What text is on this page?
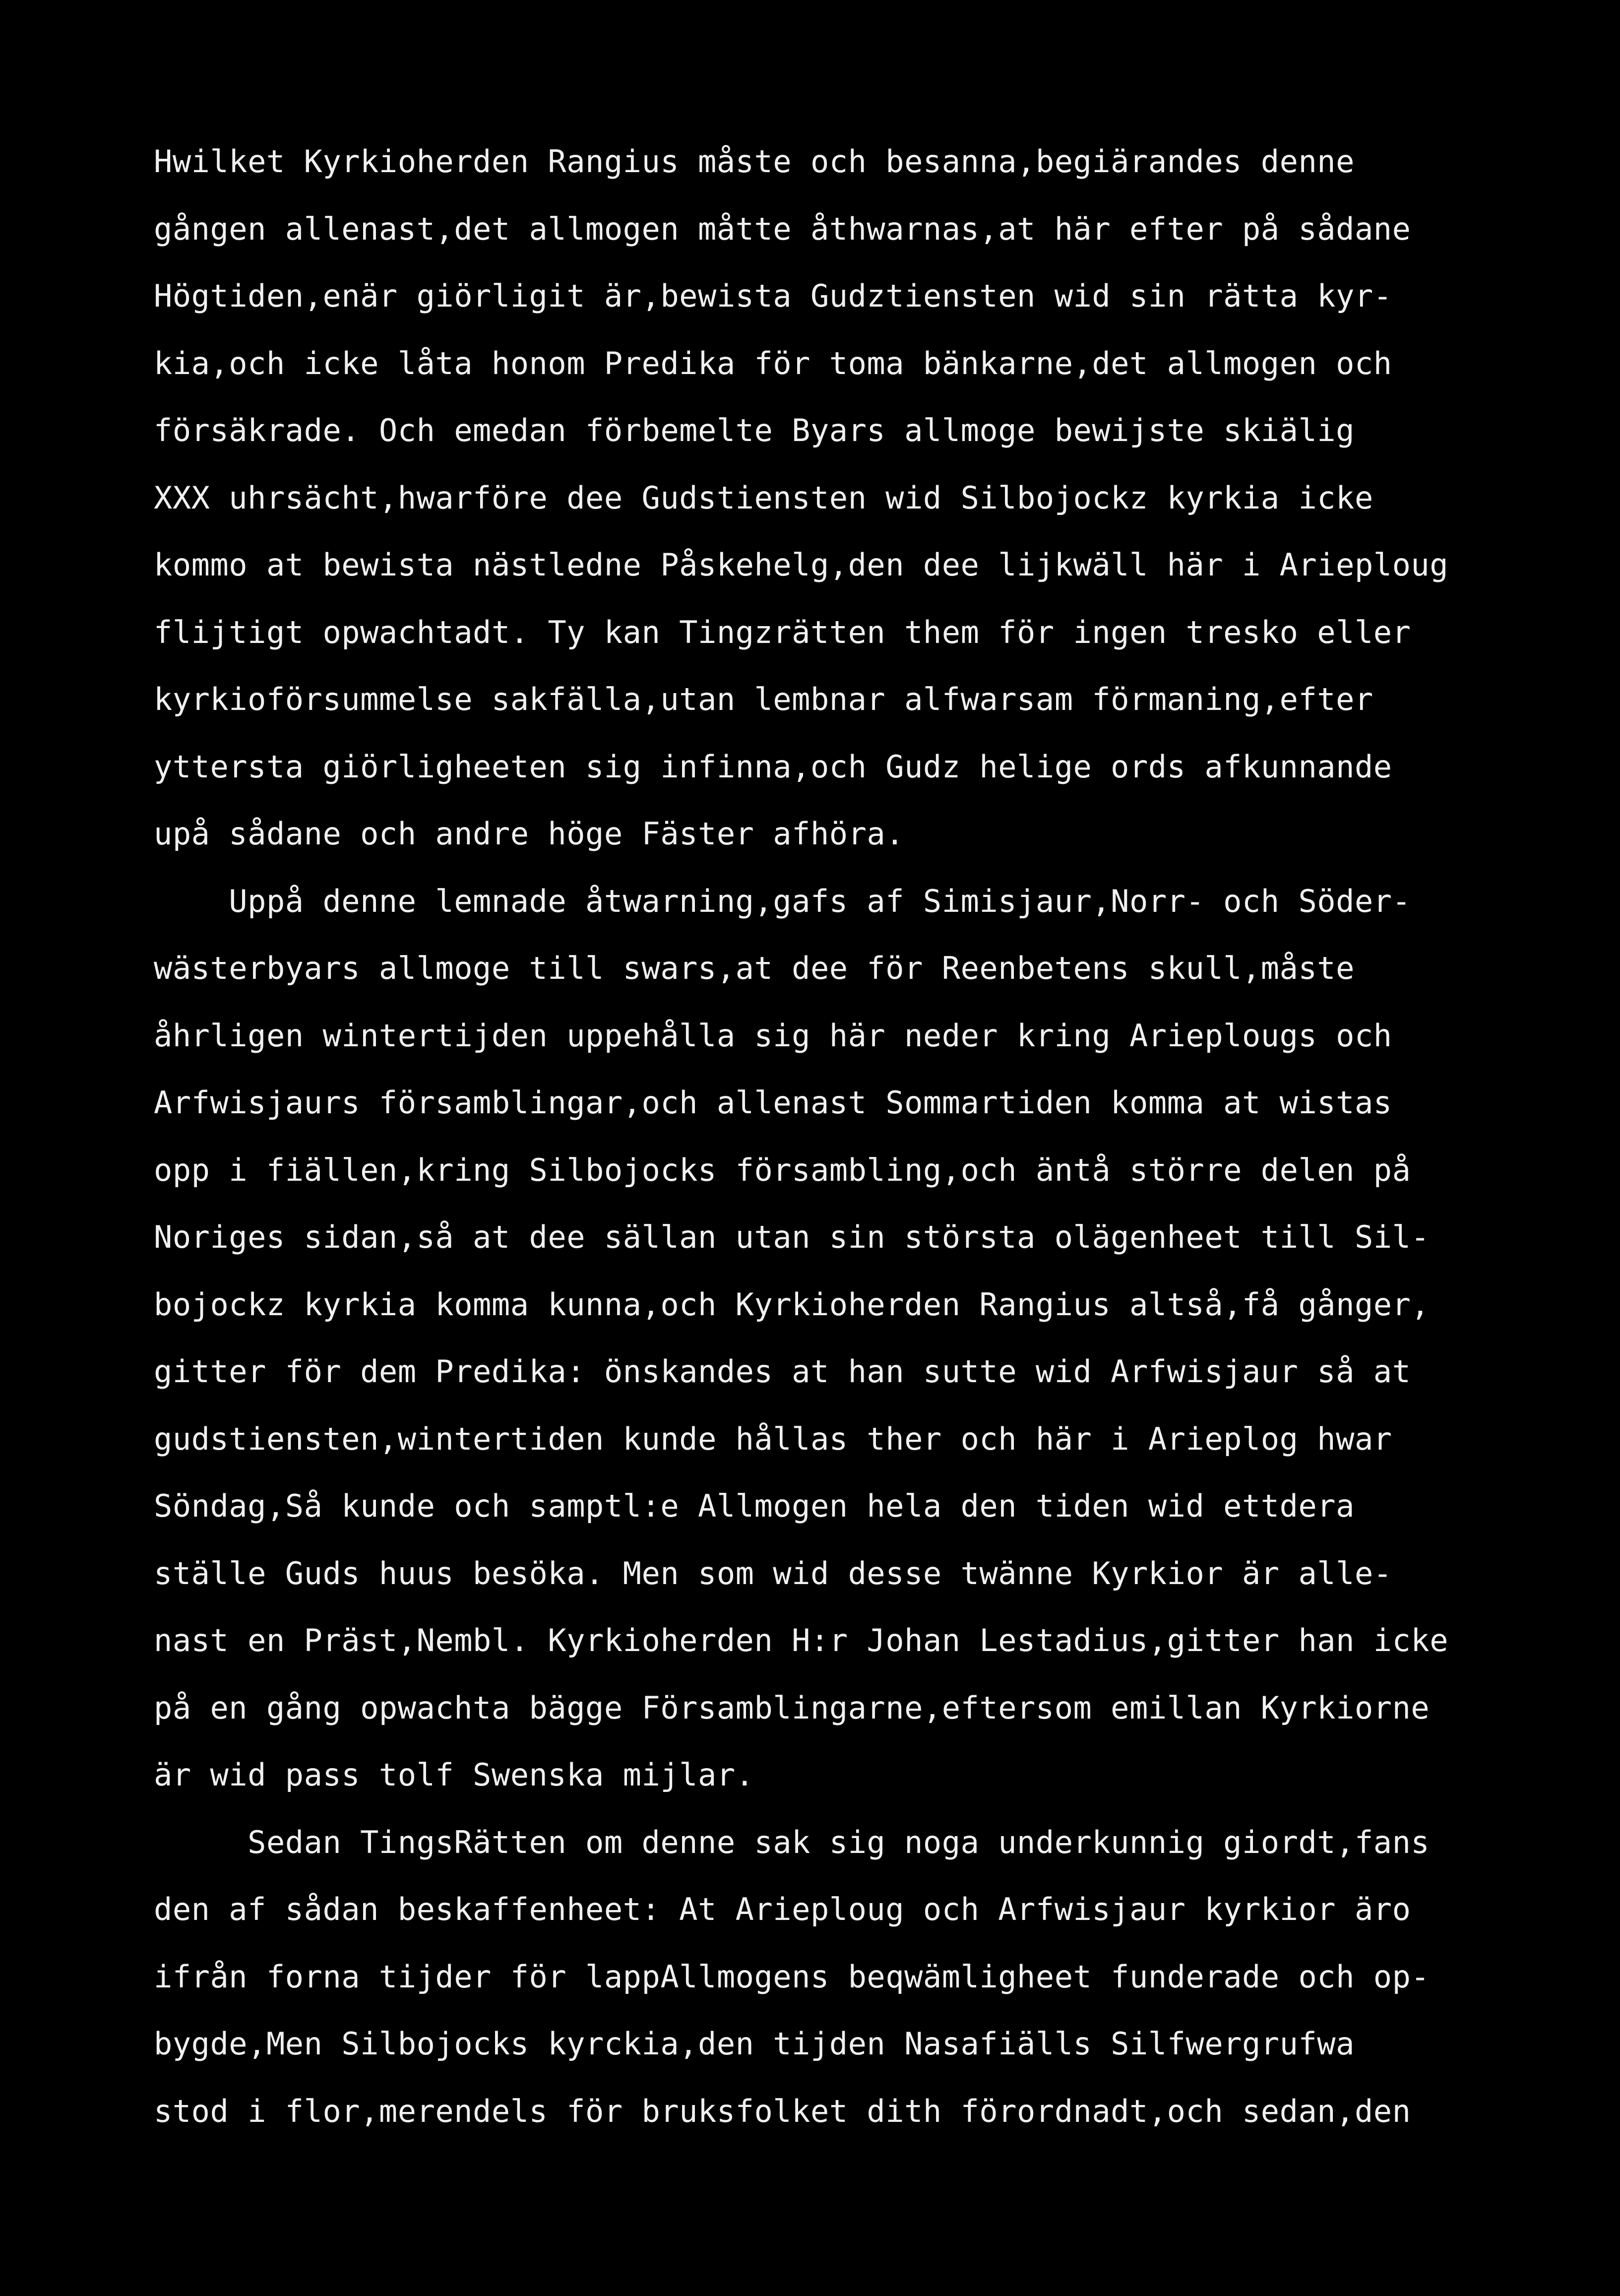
Hwilket Kyrkioherden Rangius måste och besanna,begiärandes denne
gången allenast,det allmogen måtte åthwarnas,at här efter på sådane
Högtiden,enär giörligit är,bewista Gudztiensten wid sin rätta kyr-
kia,och icke låta honom Predika för toma bänkarne,det allmogen och
försäkrade. Och emedan förbemelte Byars allmoge bewijste skiälig
XXX uhrsächt,hwarföre dee Gudstiensten wid Silbojockz kyrkia icke
kommo at bewista nästledne Påskehelg,den dee lijkwäll här i Arieploug
flijtigt opwachtadt. Ty kan Tingzrätten them för ingen tresko eller
kyrkioförsummelse sakfälla,utan lembnar alfwarsam förmaning,efter
yttersta giörligheeten sig infinna,och Gudz helige ords afkunnande
upå sådane och andre höge Fäster afhöra.
Uppå denne lemnade åtwarning,gafs af Simisjaur,Norr- och Söder-
wästerbyars allmoge till swars,at dee för Reenbetens skull,måste
åhrligen wintertijden uppehålla sig här neder kring Arieplougs och
Arfwisjaurs församblingar,och allenast Sommartiden komma at wistas
opp i fiällen,kring Silbojocks försambling,och äntå större delen på
Noriges sidan,så at dee sällan utan sin största olägenheet till Sil-
bojockz kyrkia komma kunna,och Kyrkioherden Rangius altså,få gånger,
gitter för dem Predika: önskandes at han sutte wid Arfwisjaur så at
gudstiensten,wintertiden kunde hållas ther och här i Arieplog hwar
Söndag,Så kunde och samptl:e Allmogen hela den tiden wid ettdera
ställe Guds huus besöka. Men som wid desse twänne Kyrkior är alle-
nast en Präst,Nembl. Kyrkioherden H:r Johan Lestadius,gitter han icke
på en gång opwachta bägge Församblingarne,eftersom emillan Kyrkiorne
är wid pass tolf Swenska mijlar.
Sedan TingsRätten om denne sak sig noga underkunnig giordt,fans
den af sådan beskaffenheet: At Arieploug och Arfwisjaur kyrkior äro
ifrån forna tijder för lappAllmogens beqwämligheet funderade och op-
bygde,Men Silbojocks kyrckia,den tijden Nasafiälls Silfwergrufwa
stod i flor,merendels för bruksfolket dith förordnadt,och sedan,den
